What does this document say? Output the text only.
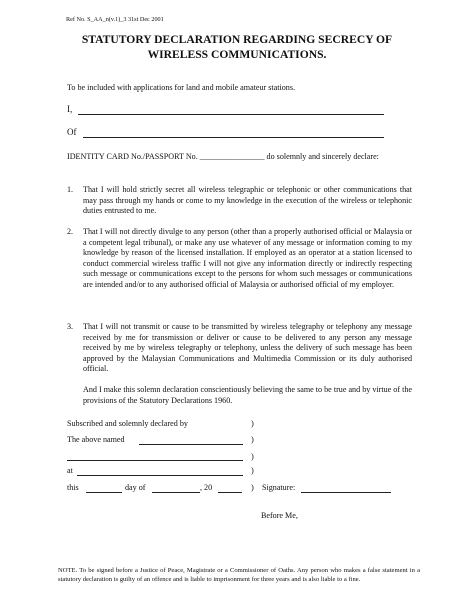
Ref No. S_AA_n(v.1)_3 31st Dec 2001
STATUTORY DECLARATION REGARDING SECRECY OF
WIRELESS COMMUNICATIONS.
To be included with applications for land and mobile amateur stations.
I,
Of
IDENTITY CARD No./PASSPORT No. ________________ do solemnly and sincerely declare:
1. That I will hold strictly secret all wireless telegraphic or telephonic or other communications that may pass through my hands or come to my knowledge in the execution of the wireless or telephonic duties entrusted to me.
2. That I will not directly divulge to any person (other than a properly authorised official or Malaysia or a competent legal tribunal), or make any use whatever of any message or information coming to my knowledge by reason of the licensed installation. If employed as an operator at a station licensed to conduct commercial wireless traffic I will not give any information directly or indirectly respecting such message or communications except to the persons for whom such messages or communications are intended and/or to any authorised official of Malaysia or authorised official of my employer.
3. That I will not transmit or cause to be transmitted by wireless telegraphy or telephony any message received by me for transmission or deliver or cause to be delivered to any person any message received by me by wireless telegraphy or telephony, unless the delivery of such message has been approved by the Malaysian Communications and Multimedia Commission or its duly authorised official.
And I make this solemn declaration conscientiously believing the same to be true and by virtue of the provisions of the Statutory Declarations 1960.
Subscribed and solemnly declared by	)
The above named	)
)
at	)
this	day of	, 20	) Signature:
Before Me,
NOTE. To be signed before a Justice of Peace, Magistrate or a Commissioner of Oaths. Any person who makes a false statement in a statutory declaration is guilty of an offence and is liable to imprisonment for three years and is also liable to a fine.
